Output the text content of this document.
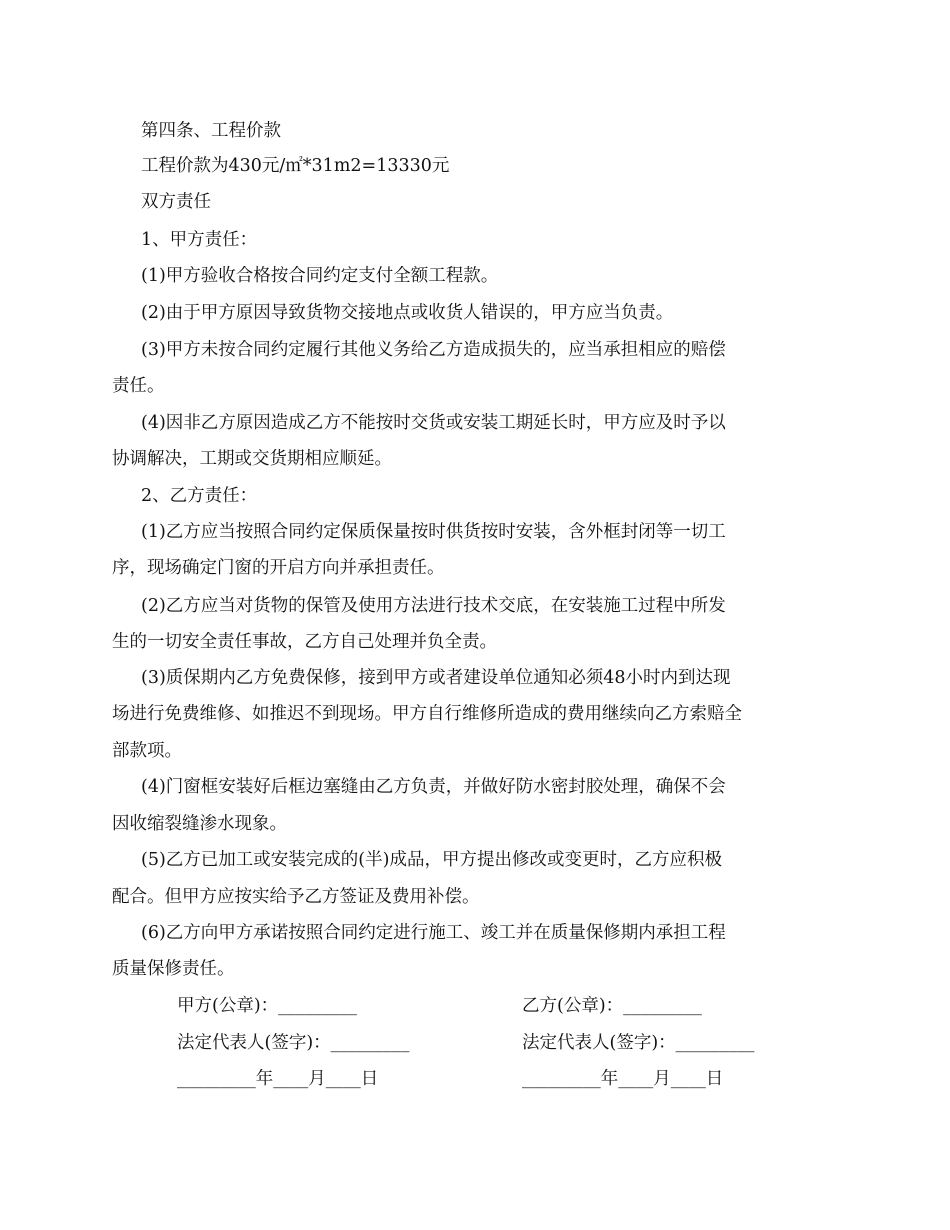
第四条、工程价款
工程价款为430元/㎡*31m2=13330元
双方责任
1、甲方责任：
(1)甲方验收合格按合同约定支付全额工程款。
(2)由于甲方原因导致货物交接地点或收货人错误的，甲方应当负责。
(3)甲方未按合同约定履行其他义务给乙方造成损失的，应当承担相应的赔偿
责任。
(4)因非乙方原因造成乙方不能按时交货或安装工期延长时，甲方应及时予以
协调解决，工期或交货期相应顺延。
2、乙方责任：
(1)乙方应当按照合同约定保质保量按时供货按时安装，含外框封闭等一切工
序，现场确定门窗的开启方向并承担责任。
(2)乙方应当对货物的保管及使用方法进行技术交底，在安装施工过程中所发
生的一切安全责任事故，乙方自己处理并负全责。
(3)质保期内乙方免费保修，接到甲方或者建设单位通知必须48小时内到达现
场进行免费维修、如推迟不到现场。甲方自行维修所造成的费用继续向乙方索赔全
部款项。
(4)门窗框安装好后框边塞缝由乙方负责，并做好防水密封胶处理，确保不会
因收缩裂缝渗水现象。
(5)乙方已加工或安装完成的(半)成品，甲方提出修改或变更时，乙方应积极
配合。但甲方应按实给予乙方签证及费用补偿。
(6)乙方向甲方承诺按照合同约定进行施工、竣工并在质量保修期内承担工程
质量保修责任。
甲方(公章)：_________	乙方(公章)：_________
法定代表人(签字)：_________	法定代表人(签字)：_________
_________年____月____日	_________年____月____日
